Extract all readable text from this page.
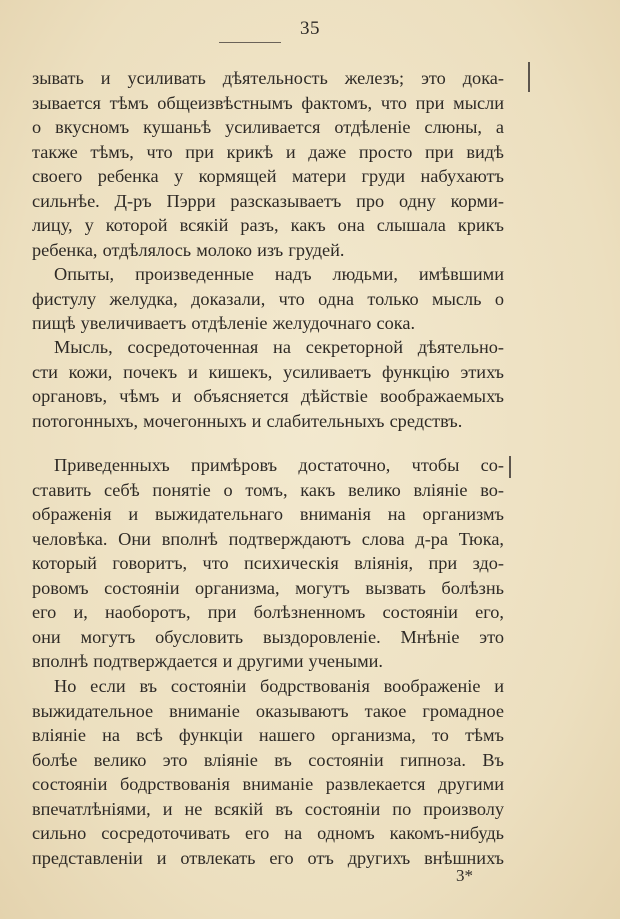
35
зывать и усиливать дѣятельность железъ; это дока-
зывается тѣмъ общеизвѣстнымъ фактомъ, что при мысли
о вкусномъ кушаньѣ усиливается отдѣленіе слюны, а
также тѣмъ, что при крикѣ и даже просто при видѣ
своего ребенка у кормящей матери груди набухаютъ
сильнѣе. Д-ръ Пэрри разсказываетъ про одну корми-
лицу, у которой всякій разъ, какъ она слышала крикъ
ребенка, отдѣлялось молоко изъ грудей.
Опыты, произведенные надъ людьми, имѣвшими
фистулу желудка, доказали, что одна только мысль о
пищѣ увеличиваетъ отдѣленіе желудочнаго сока.
Мысль, сосредоточенная на секреторной дѣятельно-
сти кожи, почекъ и кишекъ, усиливаетъ функцію этихъ
органовъ, чѣмъ и объясняется дѣйствіе воображаемыхъ
потогонныхъ, мочегонныхъ и слабительныхъ средствъ.
Приведенныхъ примѣровъ достаточно, чтобы со-
ставить себѣ понятіе о томъ, какъ велико вліяніе во-
ображенія и выжидательнаго вниманія на организмъ
человѣка. Они вполнѣ подтверждаютъ слова д-ра Тюка,
который говоритъ, что психическія вліянія, при здо-
ровомъ состояніи организма, могутъ вызвать болѣзнь
его и, наоборотъ, при болѣзненномъ состояніи его,
они могутъ обусловить выздоровленіе. Мнѣніе это
вполнѣ подтверждается и другими учеными.
Но если въ состояніи бодрствованія воображеніе и
выжидательное вниманіе оказываютъ такое громадное
вліяніе на всѣ функціи нашего организма, то тѣмъ
болѣе велико это вліяніе въ состояніи гипноза. Въ
состояніи бодрствованія вниманіе развлекается другими
впечатлѣніями, и не всякій въ состояніи по произволу
сильно сосредоточивать его на одномъ какомъ-нибудь
представленіи и отвлекать его отъ другихъ внѣшнихъ
3*
